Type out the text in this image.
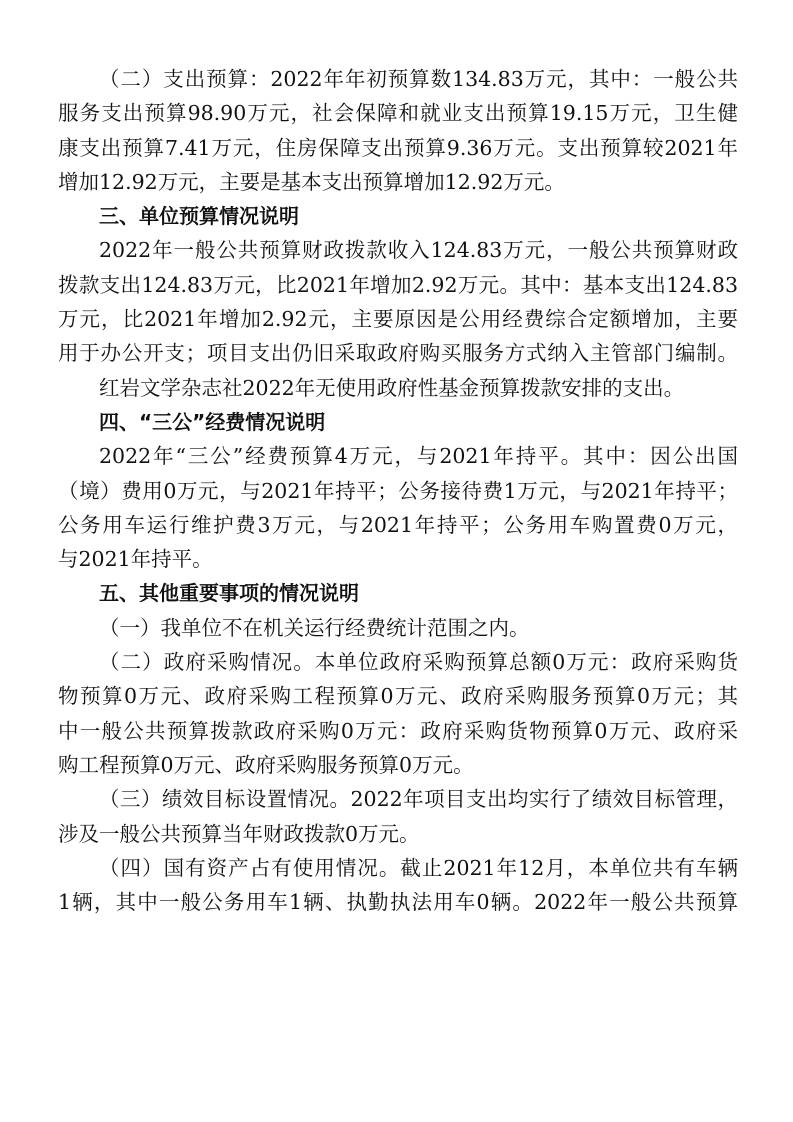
（二）支出预算：2022年年初预算数134.83万元，其中：一般公共
服务支出预算98.90万元，社会保障和就业支出预算19.15万元，卫生健
康支出预算7.41万元，住房保障支出预算9.36万元。支出预算较2021年
增加12.92万元，主要是基本支出预算增加12.92万元。
三、单位预算情况说明
2022年一般公共预算财政拨款收入124.83万元，一般公共预算财政
拨款支出124.83万元，比2021年增加2.92万元。其中：基本支出124.83
万元，比2021年增加2.92元，主要原因是公用经费综合定额增加，主要
用于办公开支；项目支出仍旧采取政府购买服务方式纳入主管部门编制。
红岩文学杂志社2022年无使用政府性基金预算拨款安排的支出。
四、“三公”经费情况说明
2022年“三公”经费预算4万元，与2021年持平。其中：因公出国
（境）费用0万元，与2021年持平；公务接待费1万元，与2021年持平；
公务用车运行维护费3万元，与2021年持平；公务用车购置费0万元，
与2021年持平。
五、其他重要事项的情况说明
（一）我单位不在机关运行经费统计范围之内。
（二）政府采购情况。本单位政府采购预算总额0万元：政府采购货
物预算0万元、政府采购工程预算0万元、政府采购服务预算0万元；其
中一般公共预算拨款政府采购0万元：政府采购货物预算0万元、政府采
购工程预算0万元、政府采购服务预算0万元。
（三）绩效目标设置情况。2022年项目支出均实行了绩效目标管理，
涉及一般公共预算当年财政拨款0万元。
（四）国有资产占有使用情况。截止2021年12月，本单位共有车辆
1辆，其中一般公务用车1辆、执勤执法用车0辆。2022年一般公共预算
